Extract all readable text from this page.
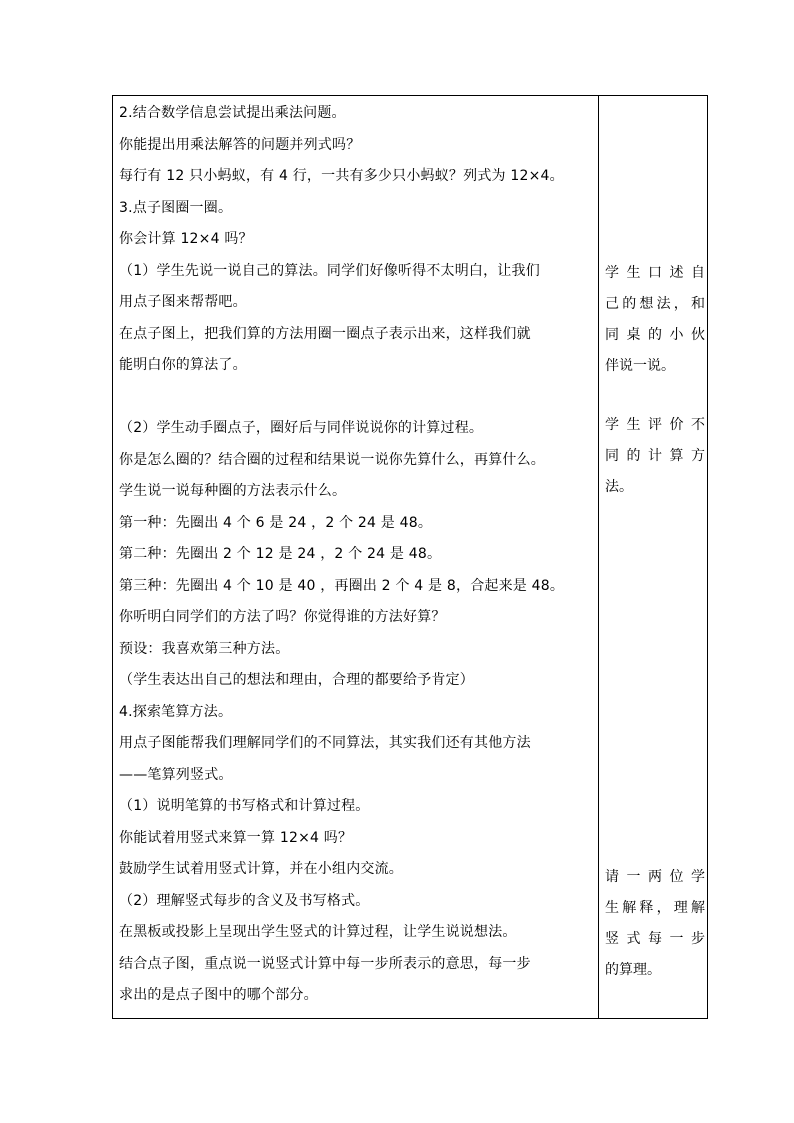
2.结合数学信息尝试提出乘法问题。
你能提出用乘法解答的问题并列式吗？
每行有 12 只小蚂蚁，有 4 行，一共有多少只小蚂蚁？列式为 12×4。
3.点子图圈一圈。
你会计算 12×4 吗？
（1）学生先说一说自己的算法。同学们好像听得不太明白，让我们
用点子图来帮帮吧。
在点子图上，把我们算的方法用圈一圈点子表示出来，这样我们就
能明白你的算法了。
（2）学生动手圈点子，圈好后与同伴说说你的计算过程。
你是怎么圈的？结合圈的过程和结果说一说你先算什么，再算什么。
学生说一说每种圈的方法表示什么。
第一种：先圈出 4 个 6 是 24 ，2 个 24 是 48。
第二种：先圈出 2 个 12 是 24 ，2 个 24 是 48。
第三种：先圈出 4 个 10 是 40 ，再圈出 2 个 4 是 8，合起来是 48。
你听明白同学们的方法了吗？你觉得谁的方法好算？
预设：我喜欢第三种方法。
（学生表达出自己的想法和理由，合理的都要给予肯定）
4.探索笔算方法。
用点子图能帮我们理解同学们的不同算法，其实我们还有其他方法
——笔算列竖式。
（1）说明笔算的书写格式和计算过程。
你能试着用竖式来算一算 12×4 吗？
鼓励学生试着用竖式计算，并在小组内交流。
（2）理解竖式每步的含义及书写格式。
在黑板或投影上呈现出学生竖式的计算过程，让学生说说想法。
结合点子图，重点说一说竖式计算中每一步所表示的意思，每一步
求出的是点子图中的哪个部分。
学生口述自
己的想法，和
同桌的小伙
伴说一说。
学生评价不
同的计算方
法。
请一两位学
生解释，理解
竖式每一步
的算理。
